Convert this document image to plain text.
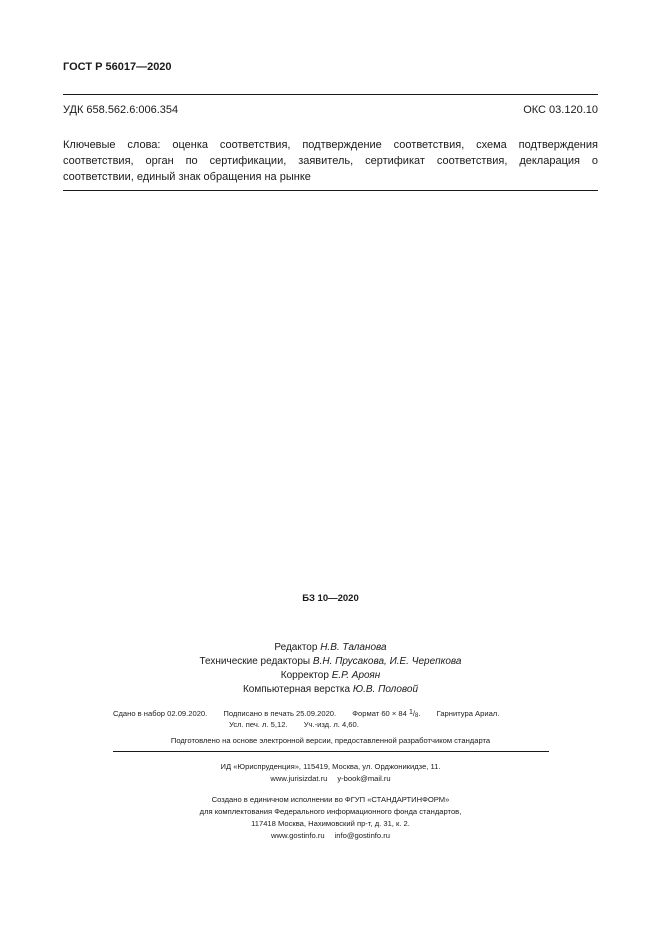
ГОСТ Р 56017—2020
УДК 658.562.6:006.354	ОКС 03.120.10
Ключевые слова: оценка соответствия, подтверждение соответствия, схема подтверждения соответствия, орган по сертификации, заявитель, сертификат соответствия, декларация о соответствии, единый знак обращения на рынке
БЗ 10—2020
Редактор Н.В. Таланова
Технические редакторы В.Н. Прусакова, И.Е. Черепкова
Корректор Е.Р. Ароян
Компьютерная верстка Ю.В. Половой
Сдано в набор 02.09.2020. Подписано в печать 25.09.2020. Формат 60 × 84 $^1/_8$. Гарнитура Ариал.
Усл. печ. л. 5,12. Уч.-изд. л. 4,60.
Подготовлено на основе электронной версии, предоставленной разработчиком стандарта
ИД «Юриспруденция», 115419, Москва, ул. Орджоникидзе, 11.
www.jurisizdat.ru y-book@mail.ru
Создано в единичном исполнении во ФГУП «СТАНДАРТИНФОРМ»
для комплектования Федерального информационного фонда стандартов,
117418 Москва, Нахимовский пр-т, д. 31, к. 2.
www.gostinfo.ru info@gostinfo.ru
